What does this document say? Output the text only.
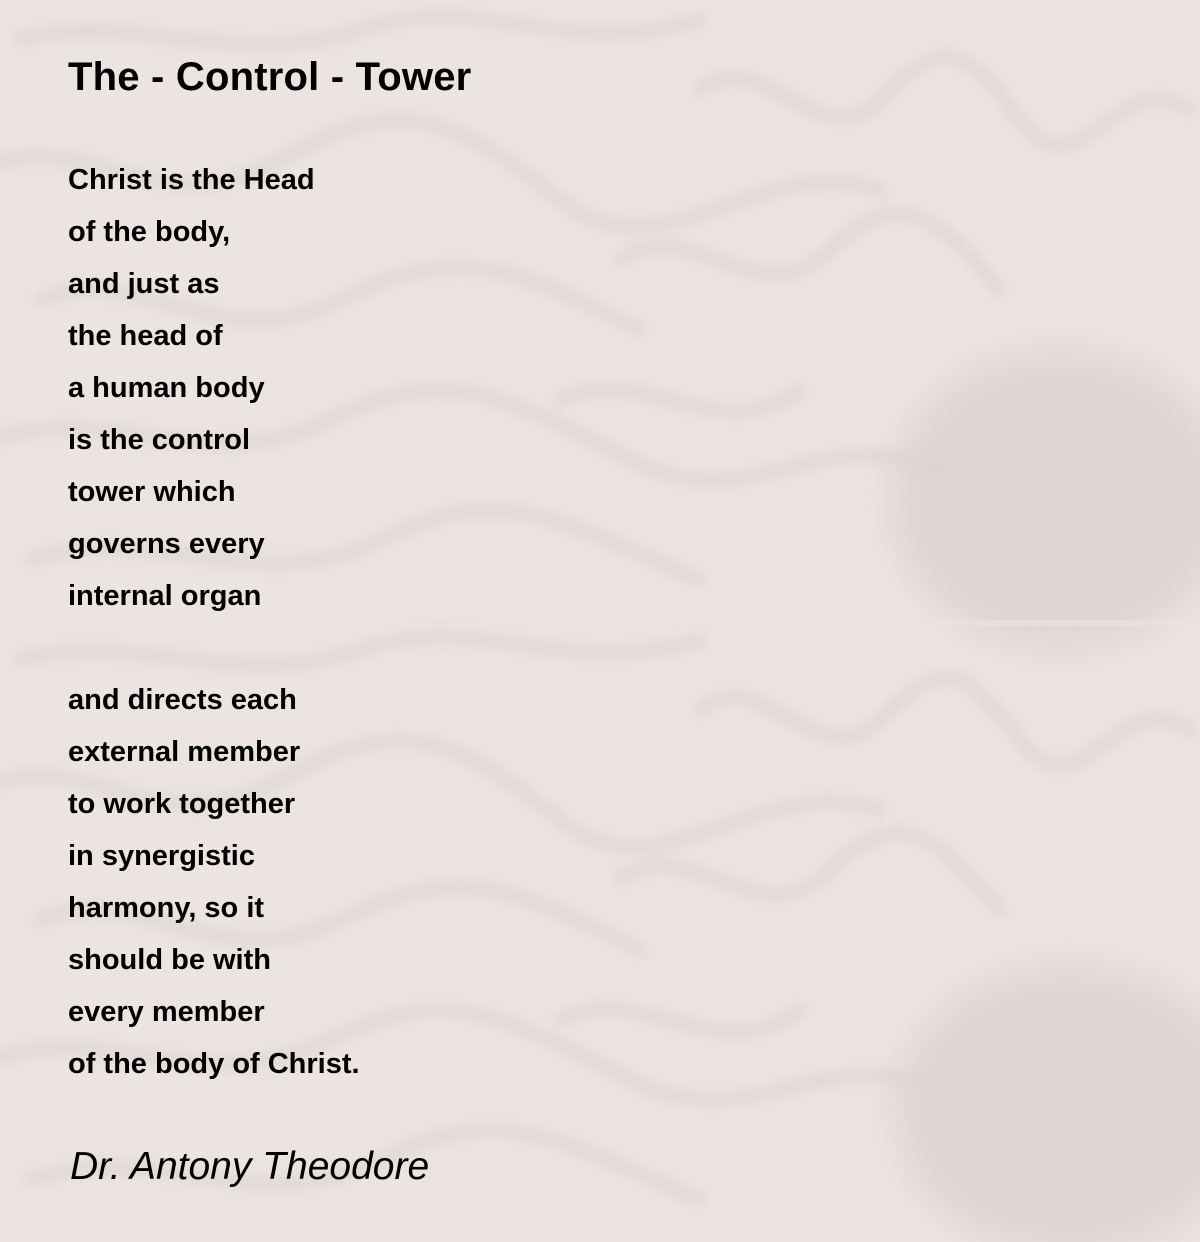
The - Control - Tower

Christ is the Head
of the body,
and just as
the head of
a human body
is the control
tower which
governs every
internal organ

and directs each
external member
to work together
in synergistic
harmony, so it
should be with
every member
of the body of Christ.

Dr. Antony Theodore
